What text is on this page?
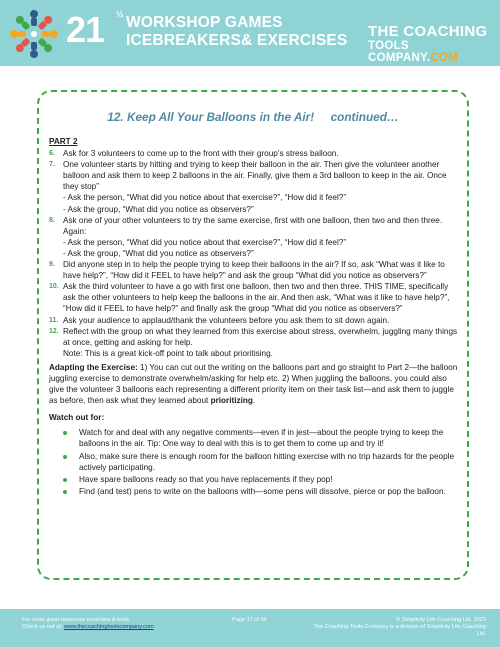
21 ½ WORKSHOP GAMES
ICEBREAKERS& EXERCISES
THE COACHING
TOOLS COMPANY.COM
12. Keep All Your Balloons in the Air!     continued…
PART 2
6. Ask for 3 volunteers to come up to the front with their group’s stress balloon.
7. One volunteer starts by hitting and trying to keep their balloon in the air. Then give the volunteer another balloon and ask them to keep 2 balloons in the air. Finally, give them a 3rd balloon to keep in the air. Once they stop”
- Ask the person, “What did you notice about that exercise?”, “How did it feel?”
- Ask the group, “What did you notice as observers?”
8. Ask one of your other volunteers to try the same exercise, first with one balloon, then two and then three. Again:
- Ask the person, “What did you notice about that exercise?”, “How did it feel?”
- Ask the group, “What did you notice as observers?”
9. Did anyone step in to help the people trying to keep their balloons in the air? If so, ask “What was it like to have help?”, “How did it FEEL to have help?” and ask the group “What did you notice as observers?”
10. Ask the third volunteer to have a go with first one balloon, then two and then three. THIS TIME, specifically ask the other volunteers to help keep the balloons in the air. And then ask, “What was it like to have help?”, “How did it FEEL to have help?” and finally ask the group “What did you notice as observers?”
11. Ask your audience to applaud/thank the volunteers before you ask them to sit down again.
12. Reflect with the group on what they learned from this exercise about stress, overwhelm, juggling many things at once, getting and asking for help.
Note: This is a great kick-off point to talk about prioritising.
Adapting the Exercise: 1) You can cut out the writing on the balloons part and go straight to Part 2—the balloon juggling exercise to demonstrate overwhelm/asking for help etc. 2) When juggling the balloons, you could also give the volunteer 3 balloons each representing a different priority item on their task list—and ask them to juggle as before, then ask what they learned about prioritizing.
Watch out for:
Watch for and deal with any negative comments—even if in jest—about the people trying to keep the balloons in the air. Tip: One way to deal with this is to get them to come up and try it!
Also, make sure there is enough room for the balloon hitting exercise with no trip hazards for the people actively participating.
Have spare balloons ready so that you have replacements if they pop!
Find (and test) pens to write on the balloons with—some pens will dissolve, pierce or pop the balloon.
For more great resources exercises & tools
Check us out at: www.thecoachingtoolscompany.com
Page 17 of 30	© Simplicity Life Coaching Ltd. 2023
The Coaching Tools Company is a division of Simplicity Life Coaching Ltd.
